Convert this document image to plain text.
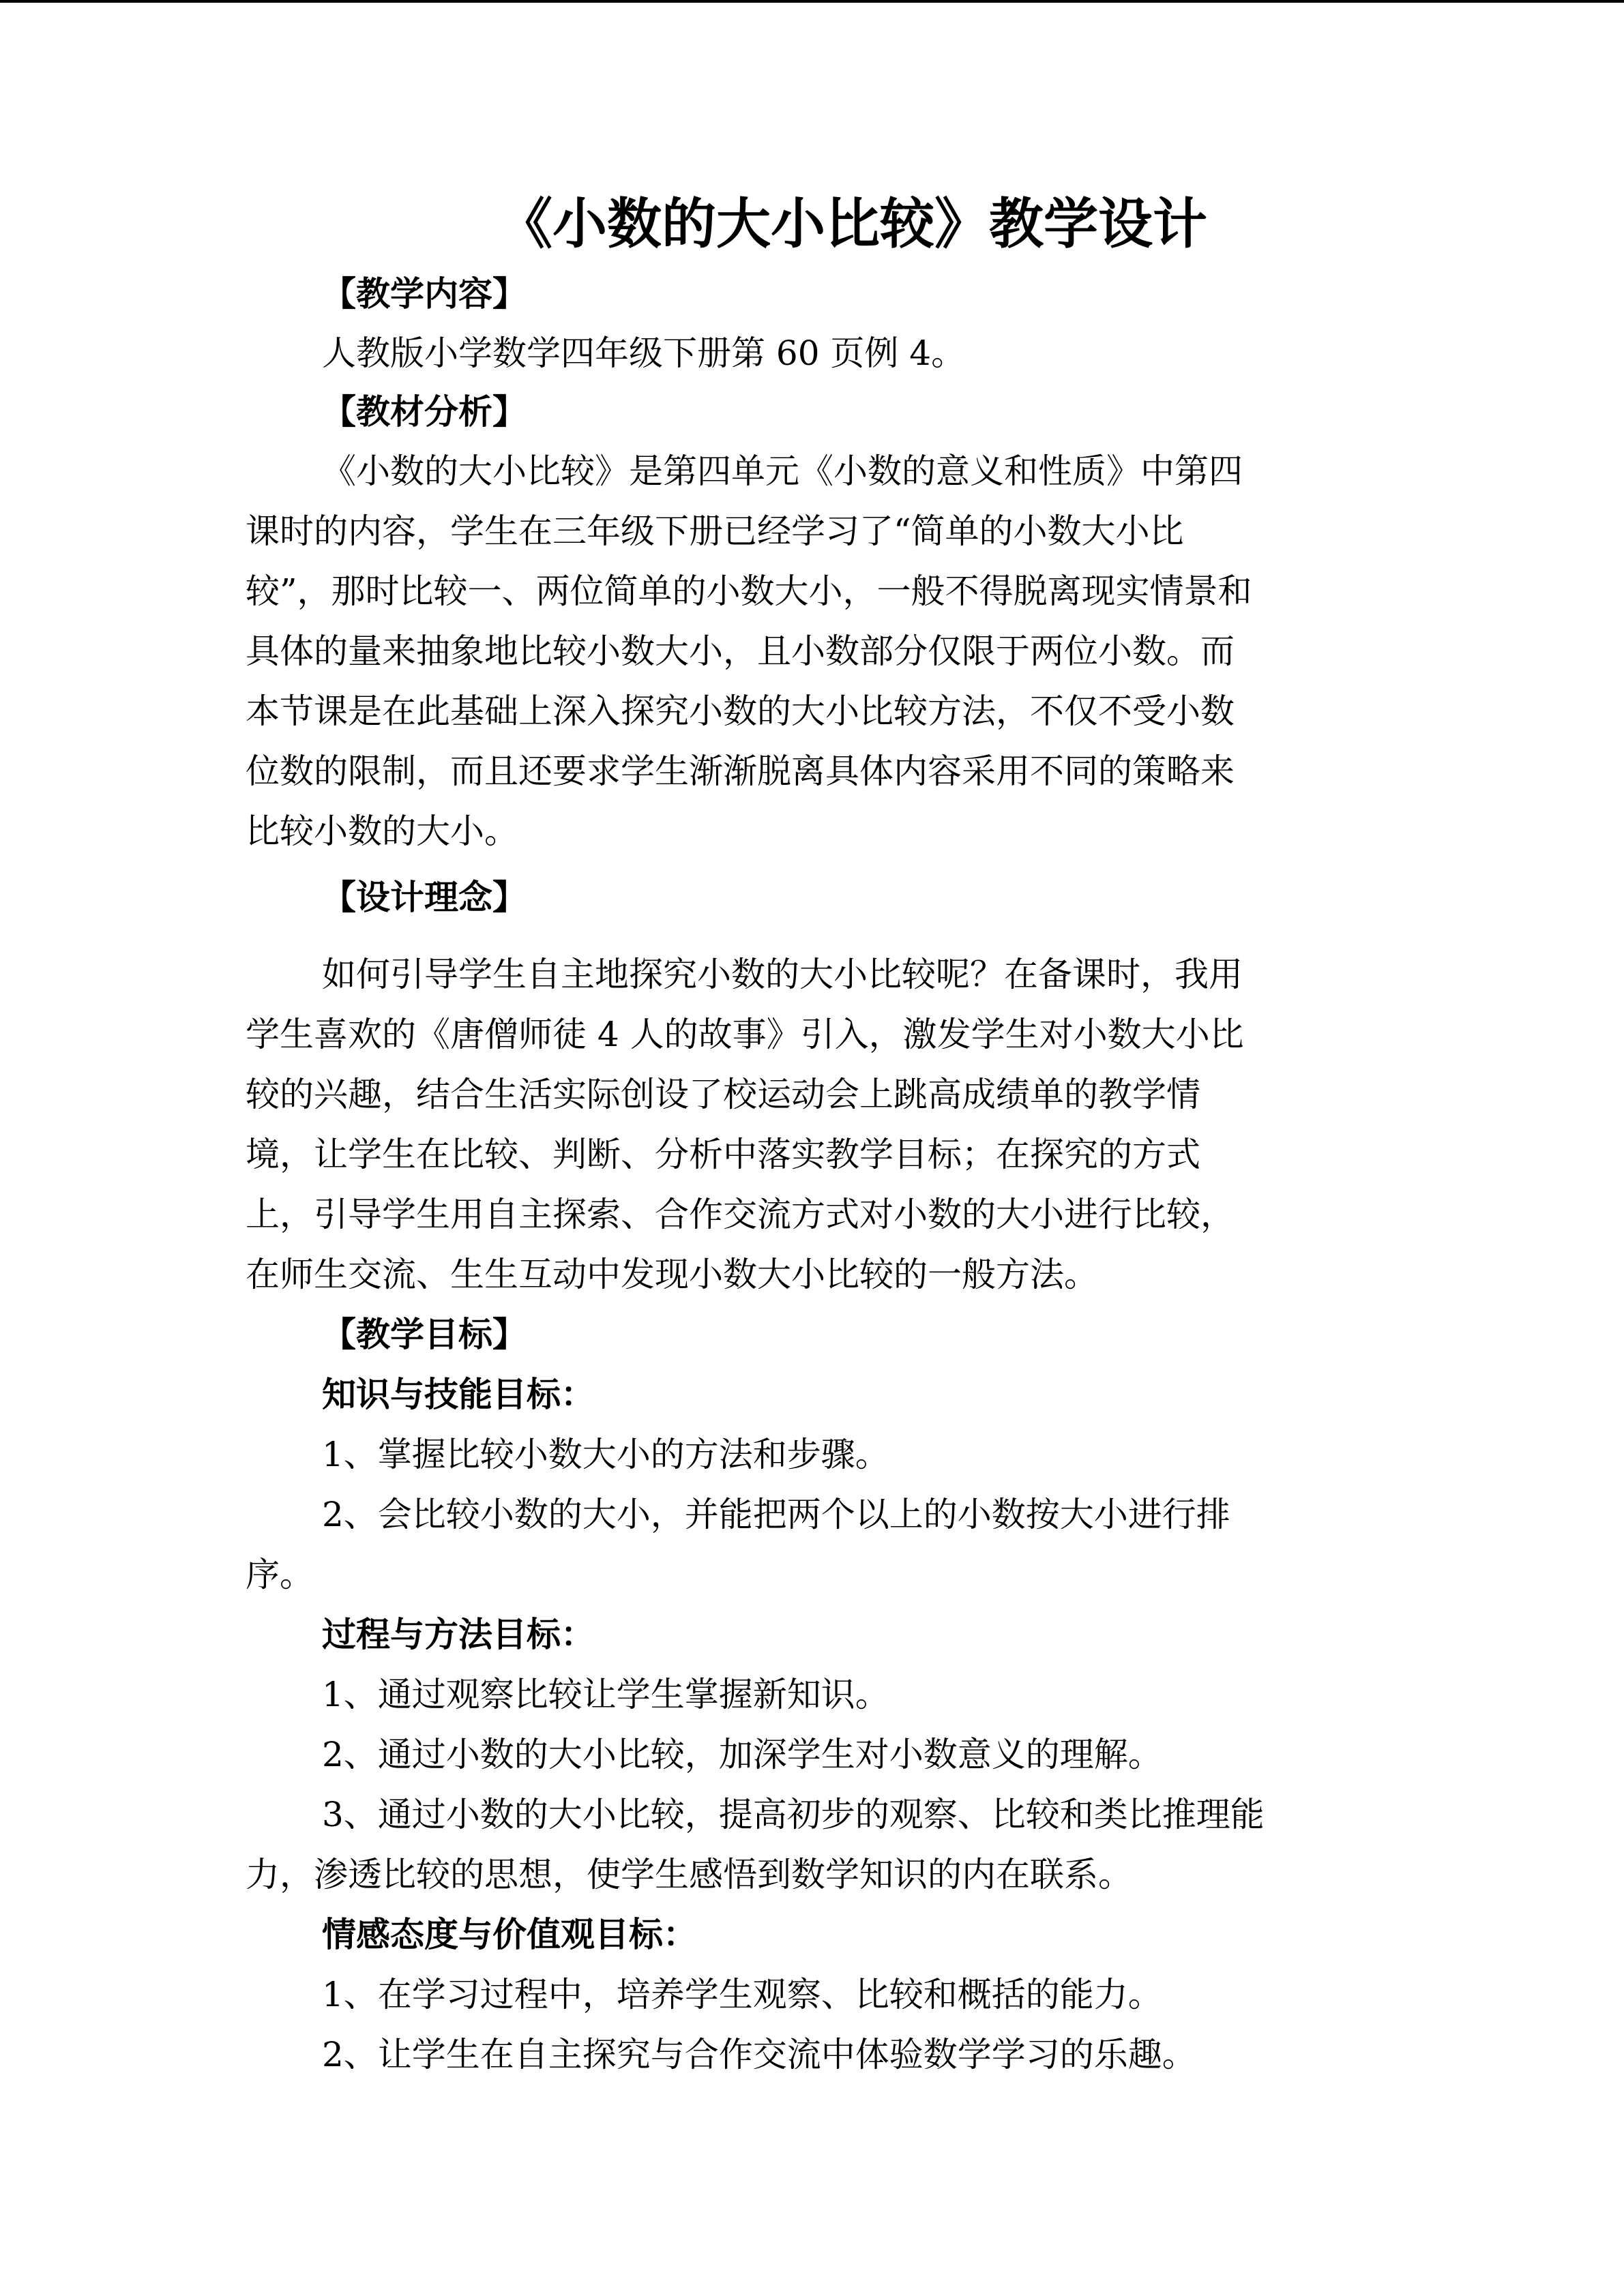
《小数的大小比较》教学设计
【教学内容】
人教版小学数学四年级下册第 60 页例 4。
【教材分析】
《小数的大小比较》是第四单元《小数的意义和性质》中第四
课时的内容，学生在三年级下册已经学习了“简单的小数大小比
较”，那时比较一、两位简单的小数大小，一般不得脱离现实情景和
具体的量来抽象地比较小数大小，且小数部分仅限于两位小数。而
本节课是在此基础上深入探究小数的大小比较方法，不仅不受小数
位数的限制，而且还要求学生渐渐脱离具体内容采用不同的策略来
比较小数的大小。
【设计理念】
如何引导学生自主地探究小数的大小比较呢？在备课时，我用
学生喜欢的《唐僧师徒 4 人的故事》引入，激发学生对小数大小比
较的兴趣，结合生活实际创设了校运动会上跳高成绩单的教学情
境，让学生在比较、判断、分析中落实教学目标；在探究的方式
上，引导学生用自主探索、合作交流方式对小数的大小进行比较，
在师生交流、生生互动中发现小数大小比较的一般方法。
【教学目标】
知识与技能目标：
1、掌握比较小数大小的方法和步骤。
2、会比较小数的大小，并能把两个以上的小数按大小进行排
序。
过程与方法目标：
1、通过观察比较让学生掌握新知识。
2、通过小数的大小比较，加深学生对小数意义的理解。
3、通过小数的大小比较，提高初步的观察、比较和类比推理能
力，渗透比较的思想，使学生感悟到数学知识的内在联系。
情感态度与价值观目标：
1、在学习过程中，培养学生观察、比较和概括的能力。
2、让学生在自主探究与合作交流中体验数学学习的乐趣。
